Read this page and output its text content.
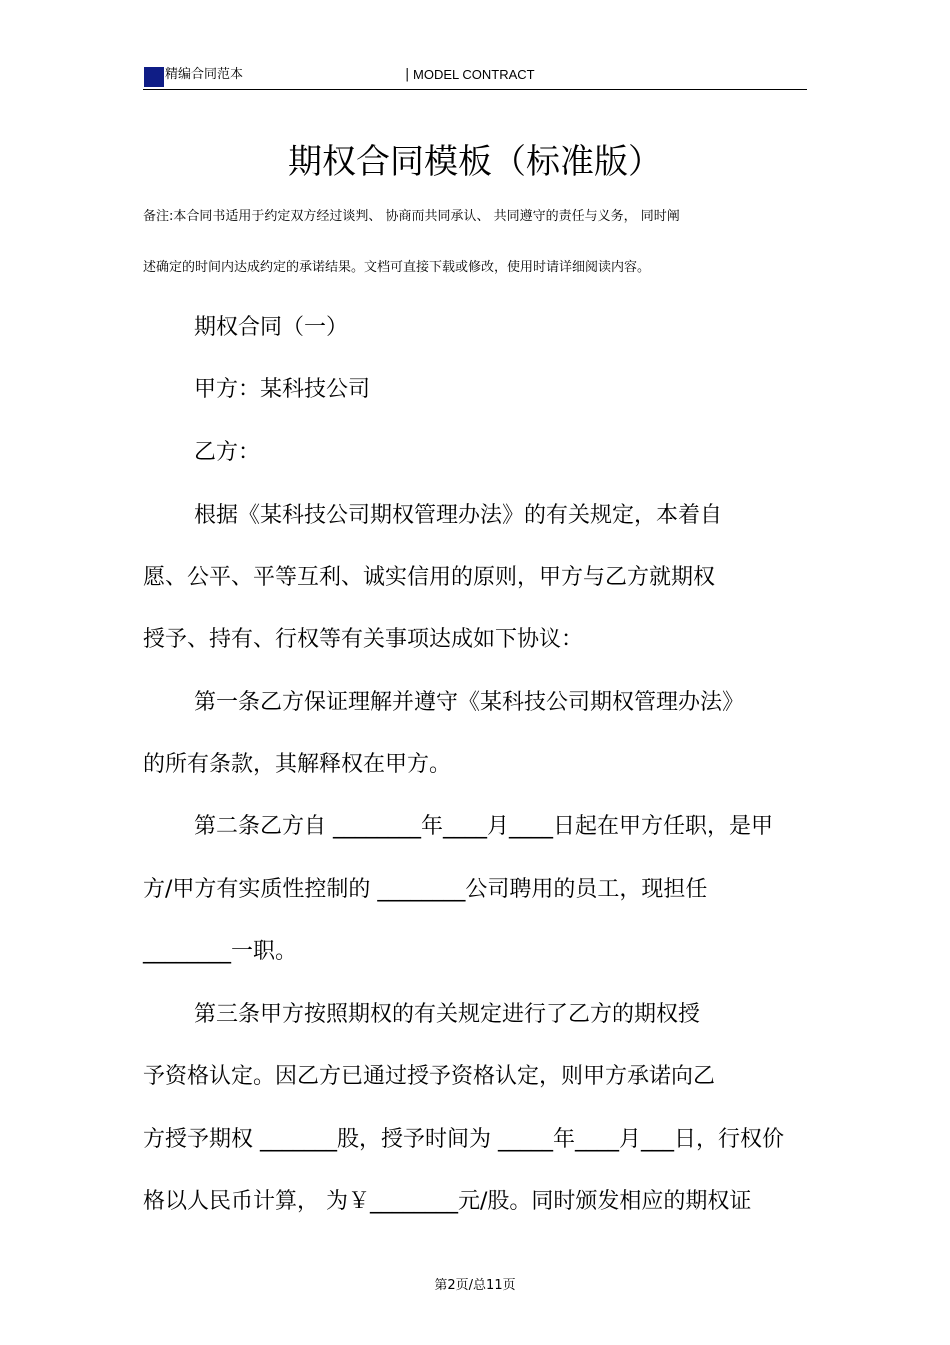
精编合同范本	| MODEL CONTRACT
期权合同模板（标准版）
备注:本合同书适用于约定双方经过谈判、 协商而共同承认、 共同遵守的责任与义务， 同时阐
述确定的时间内达成约定的承诺结果。文档可直接下载或修改，使用时请详细阅读内容。
期权合同（一）
甲方：某科技公司
乙方：
根据《某科技公司期权管理办法》的有关规定，本着自
愿、公平、平等互利、诚实信用的原则，甲方与乙方就期权
授予、持有、行权等有关事项达成如下协议：
第一条乙方保证理解并遵守《某科技公司期权管理办法》
的所有条款，其解释权在甲方。
第二条乙方自 ________年____月____日起在甲方任职，是甲
方/甲方有实质性控制的 ________公司聘用的员工，现担任
________一职。
第三条甲方按照期权的有关规定进行了乙方的期权授
予资格认定。因乙方已通过授予资格认定，则甲方承诺向乙
方授予期权 _______股，授予时间为 _____年____月___日，行权价
格以人民币计算， 为￥________元/股。同时颁发相应的期权证
第2页/总11页
